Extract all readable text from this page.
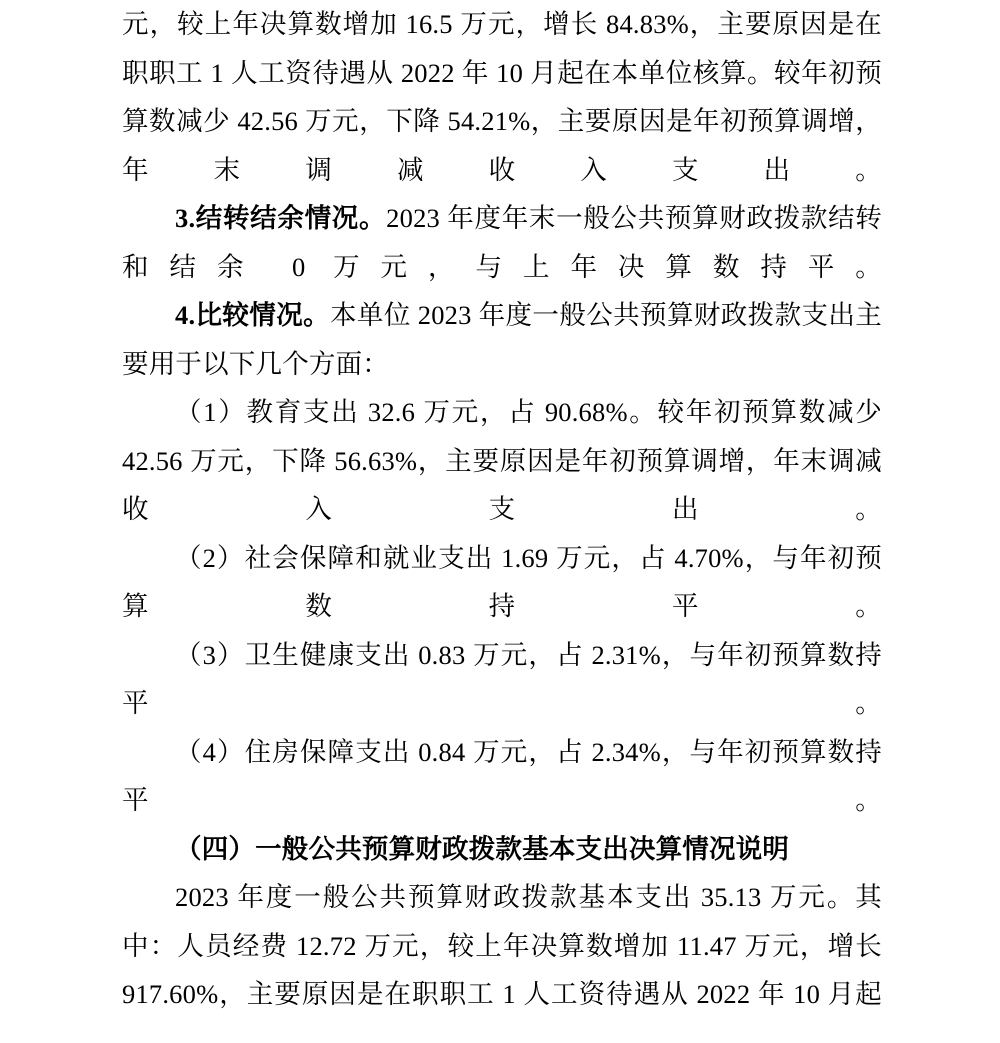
元，较上年决算数增加 16.5 万元，增长 84.83%，主要原因是在职职工 1 人工资待遇从 2022 年 10 月起在本单位核算。较年初预算数减少 42.56 万元，下降 54.21%，主要原因是年初预算调增，年末调减收入支出。

3.结转结余情况。2023 年度年末一般公共预算财政拨款结转和结余 0 万元，与上年决算数持平。

4.比较情况。本单位 2023 年度一般公共预算财政拨款支出主要用于以下几个方面：

（1）教育支出 32.6 万元，占 90.68%。较年初预算数减少 42.56 万元，下降 56.63%，主要原因是年初预算调增，年末调减收入支出。

（2）社会保障和就业支出 1.69 万元，占 4.70%，与年初预算数持平。

（3）卫生健康支出 0.83 万元，占 2.31%，与年初预算数持平。

（4）住房保障支出 0.84 万元，占 2.34%，与年初预算数持平。

（四）一般公共预算财政拨款基本支出决算情况说明

2023 年度一般公共预算财政拨款基本支出 35.13 万元。其中：人员经费 12.72 万元，较上年决算数增加 11.47 万元，增长 917.60%，主要原因是在职职工 1 人工资待遇从 2022 年 10 月起
